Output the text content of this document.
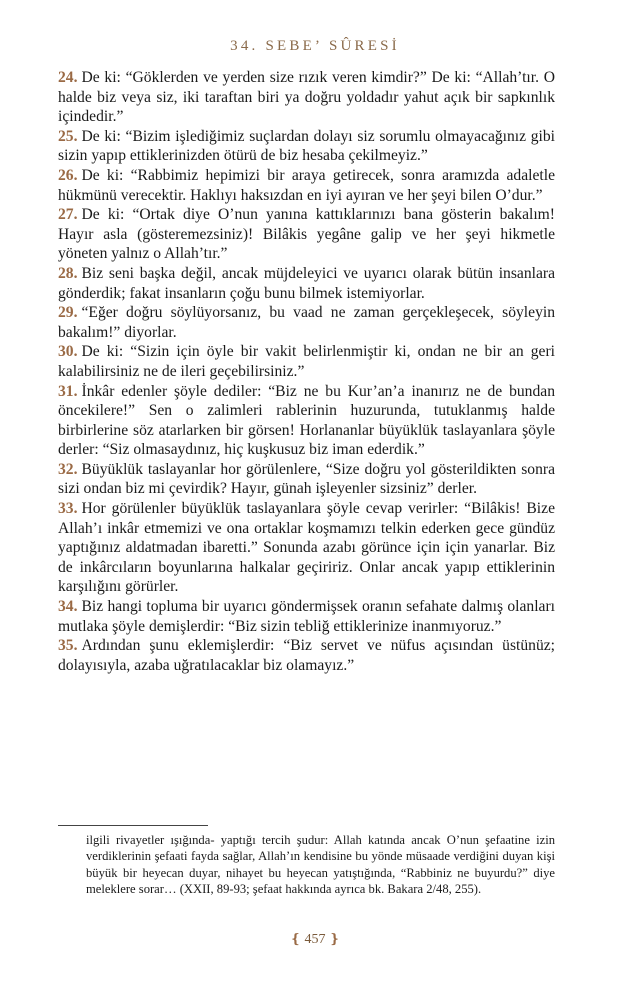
34. SEBE’ SÛRESİ

24. De ki: “Göklerden ve yerden size rızık veren kimdir?” De ki: “Allah’tır. O halde biz veya siz, iki taraftan biri ya doğru yoldadır yahut açık bir sapkınlık içindedir.”

25. De ki: “Bizim işlediğimiz suçlardan dolayı siz sorumlu olmayacağınız gibi sizin yapıp ettiklerinizden ötürü de biz hesaba çekilmeyiz.”

26. De ki: “Rabbimiz hepimizi bir araya getirecek, sonra aramızda adaletle hükmünü verecektir. Haklıyı haksızdan en iyi ayıran ve her şeyi bilen O’dur.”

27. De ki: “Ortak diye O’nun yanına kattıklarınızı bana gösterin bakalım! Hayır asla (gösteremezsiniz)! Bilâkis yegâne galip ve her şeyi hikmetle yöneten yalnız o Allah’tır.”

28. Biz seni başka değil, ancak müjdeleyici ve uyarıcı olarak bütün insanlara gönderdik; fakat insanların çoğu bunu bilmek istemiyorlar.

29. “Eğer doğru söylüyorsanız, bu vaad ne zaman gerçekleşecek, söyleyin bakalım!” diyorlar.

30. De ki: “Sizin için öyle bir vakit belirlenmiştir ki, ondan ne bir an geri kalabilirsiniz ne de ileri geçebilirsiniz.”

31. İnkâr edenler şöyle dediler: “Biz ne bu Kur’an’a inanırız ne de bundan öncekilere!” Sen o zalimleri rablerinin huzurunda, tutuklanmış halde birbirlerine söz atarlarken bir görsen! Horlananlar büyüklük taslayanlara şöyle derler: “Siz olmasaydınız, hiç kuşkusuz biz iman ederdik.”

32. Büyüklük taslayanlar hor görülenlere, “Size doğru yol gösterildikten sonra sizi ondan biz mi çevirdik? Hayır, günah işleyenler sizsiniz” derler.

33. Hor görülenler büyüklük taslayanlara şöyle cevap verirler: “Bilâkis! Bize Allah’ı inkâr etmemizi ve ona ortaklar koşmamızı telkin ederken gece gündüz yaptığınız aldatmadan ibaretti.” Sonunda azabı görünce için için yanarlar. Biz de inkârcıların boyunlarına halkalar geçiririz. Onlar ancak yapıp ettiklerinin karşılığını görürler.

34. Biz hangi topluma bir uyarıcı göndermişsek oranın sefahate dalmış olanları mutlaka şöyle demişlerdir: “Biz sizin tebliğ ettiklerinize inanmıyoruz.”

35. Ardından şunu eklemişlerdir: “Biz servet ve nüfus açısından üstünüz; dolayısıyla, azaba uğratılacaklar biz olamayız.”

ilgili rivayetler ışığında- yaptığı tercih şudur: Allah katında ancak O’nun şefaatine izin verdiklerinin şefaati fayda sağlar, Allah’ın kendisine bu yönde müsaade verdiğini duyan kişi büyük bir heyecan duyar, nihayet bu heyecan yatıştığında, “Rabbiniz ne buyurdu?” diye meleklere sorar… (XXII, 89-93; şefaat hakkında ayrıca bk. Bakara 2/48, 255).
❴ 457 ❵
